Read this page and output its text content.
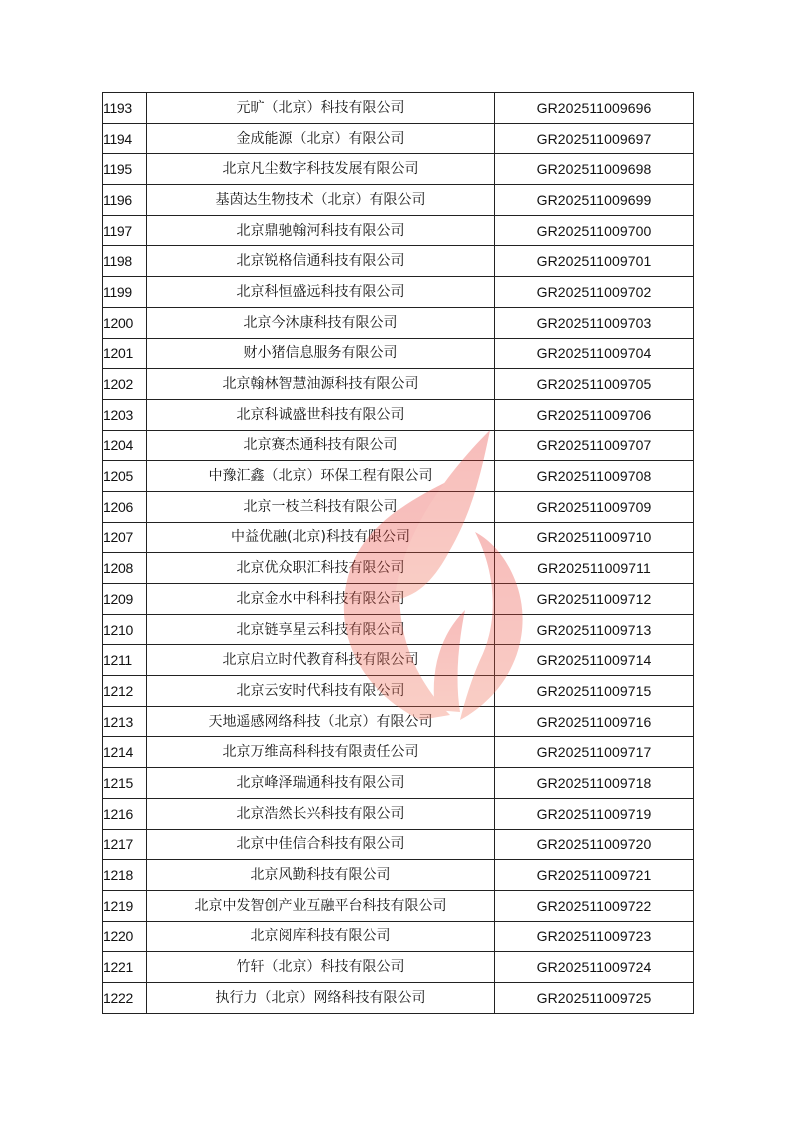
1193	元旷（北京）科技有限公司	GR202511009696
1194	金成能源（北京）有限公司	GR202511009697
1195	北京凡尘数字科技发展有限公司	GR202511009698
1196	基茵达生物技术（北京）有限公司	GR202511009699
1197	北京鼎驰翰河科技有限公司	GR202511009700
1198	北京锐格信通科技有限公司	GR202511009701
1199	北京科恒盛远科技有限公司	GR202511009702
1200	北京今沐康科技有限公司	GR202511009703
1201	财小猪信息服务有限公司	GR202511009704
1202	北京翰林智慧油源科技有限公司	GR202511009705
1203	北京科诚盛世科技有限公司	GR202511009706
1204	北京赛杰通科技有限公司	GR202511009707
1205	中豫汇鑫（北京）环保工程有限公司	GR202511009708
1206	北京一枝兰科技有限公司	GR202511009709
1207	中益优融(北京)科技有限公司	GR202511009710
1208	北京优众职汇科技有限公司	GR202511009711
1209	北京金水中科科技有限公司	GR202511009712
1210	北京链享星云科技有限公司	GR202511009713
1211	北京启立时代教育科技有限公司	GR202511009714
1212	北京云安时代科技有限公司	GR202511009715
1213	天地遥感网络科技（北京）有限公司	GR202511009716
1214	北京万维高科科技有限责任公司	GR202511009717
1215	北京峰泽瑞通科技有限公司	GR202511009718
1216	北京浩然长兴科技有限公司	GR202511009719
1217	北京中佳信合科技有限公司	GR202511009720
1218	北京风勤科技有限公司	GR202511009721
1219	北京中发智创产业互融平台科技有限公司	GR202511009722
1220	北京阅库科技有限公司	GR202511009723
1221	竹轩（北京）科技有限公司	GR202511009724
1222	执行力（北京）网络科技有限公司	GR202511009725
